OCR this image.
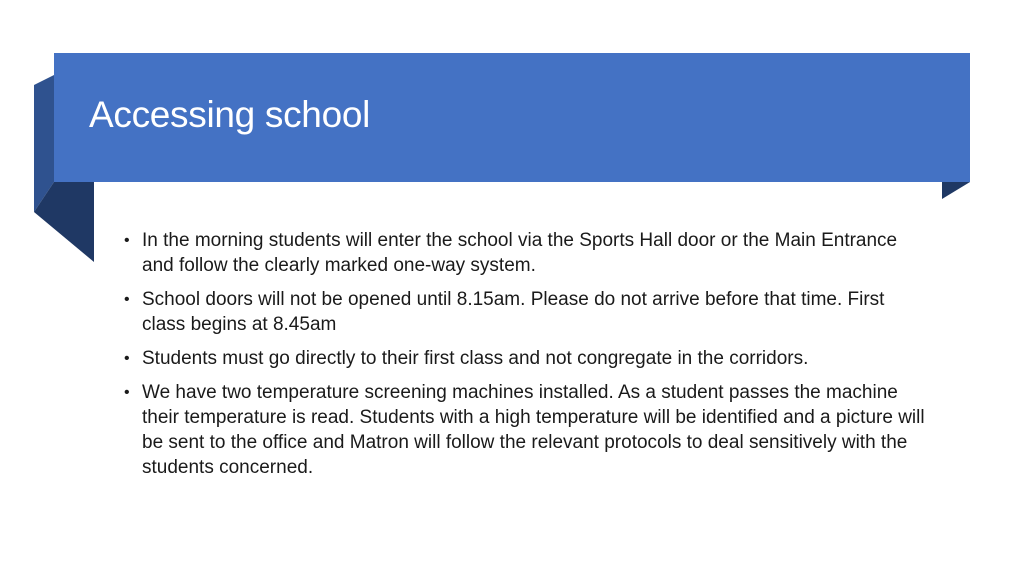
Accessing school
• In the morning students will enter the school via the Sports Hall door or the Main Entrance and follow the clearly marked one-way system.
• School doors will not be opened until 8.15am. Please do not arrive before that time. First class begins at 8.45am
• Students must go directly to their first class and not congregate in the corridors.
• We have two temperature screening machines installed. As a student passes the machine their temperature is read. Students with a high temperature will be identified and a picture will be sent to the office and Matron will follow the relevant protocols to deal sensitively with the students concerned.
